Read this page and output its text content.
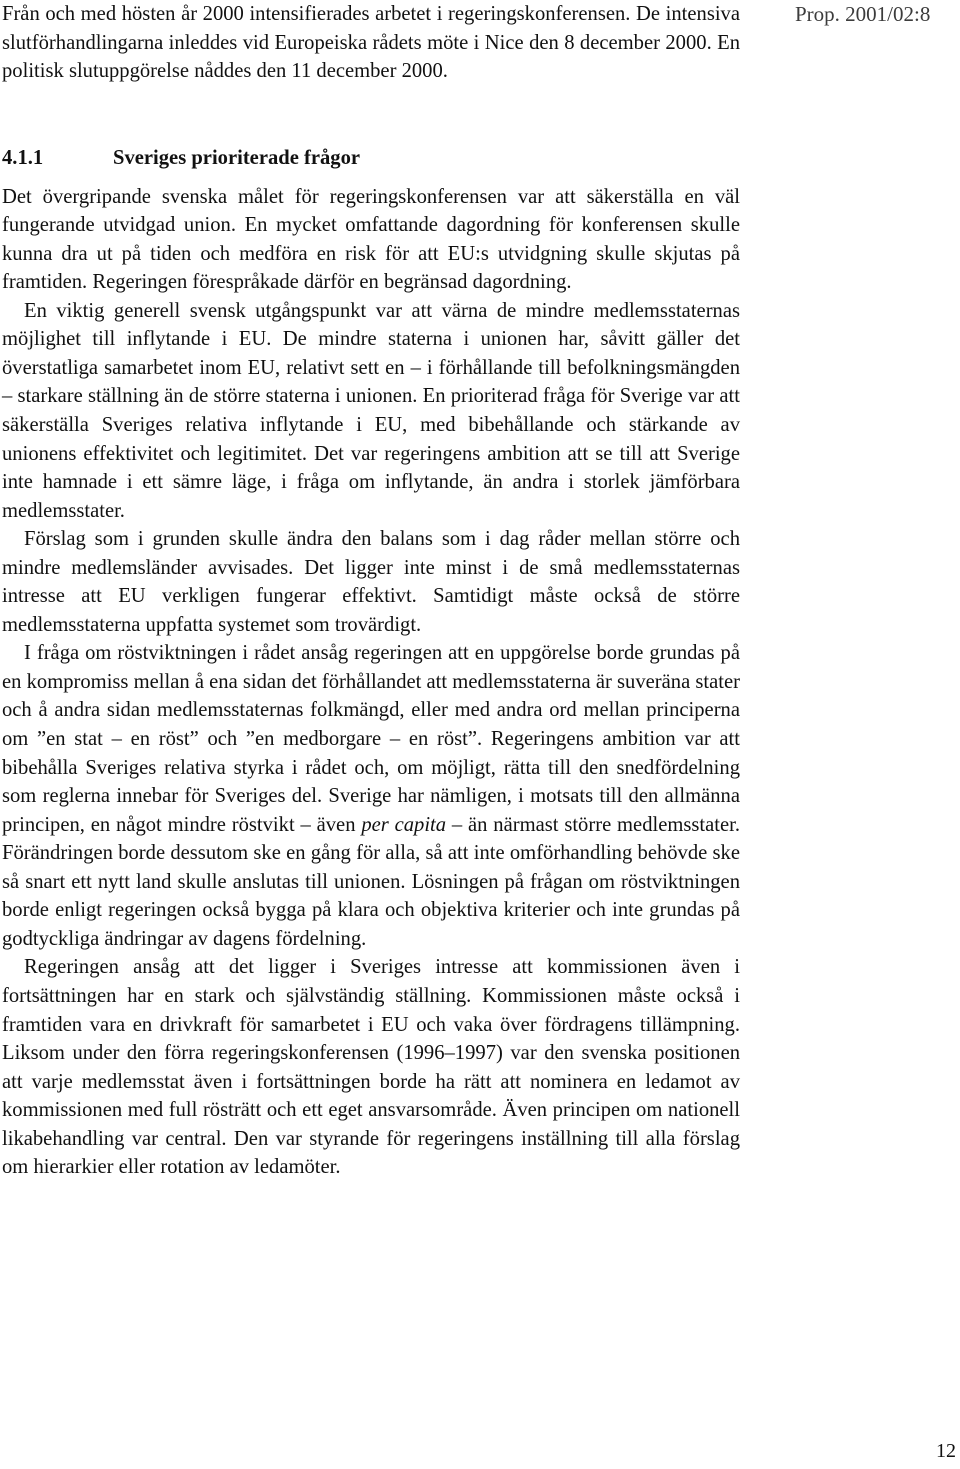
Prop. 2001/02:8

Från och med hösten år 2000 intensifierades arbetet i regeringskonferensen. De intensiva slutförhandlingarna inleddes vid Europeiska rådets möte i Nice den 8 december 2000. En politisk slutuppgörelse nåddes den 11 december 2000.

4.1.1	Sveriges prioriterade frågor

Det övergripande svenska målet för regeringskonferensen var att säkerställa en väl fungerande utvidgad union. En mycket omfattande dagordning för konferensen skulle kunna dra ut på tiden och medföra en risk för att EU:s utvidgning skulle skjutas på framtiden. Regeringen förespråkade därför en begränsad dagordning.

En viktig generell svensk utgångspunkt var att värna de mindre medlemsstaternas möjlighet till inflytande i EU. De mindre staterna i unionen har, såvitt gäller det överstatliga samarbetet inom EU, relativt sett en – i förhållande till befolkningsmängden – starkare ställning än de större staterna i unionen. En prioriterad fråga för Sverige var att säkerställa Sveriges relativa inflytande i EU, med bibehållande och stärkande av unionens effektivitet och legitimitet. Det var regeringens ambition att se till att Sverige inte hamnade i ett sämre läge, i fråga om inflytande, än andra i storlek jämförbara medlemsstater.

Förslag som i grunden skulle ändra den balans som i dag råder mellan större och mindre medlemsländer avvisades. Det ligger inte minst i de små medlemsstaternas intresse att EU verkligen fungerar effektivt. Samtidigt måste också de större medlemsstaterna uppfatta systemet som trovärdigt.

I fråga om röstviktningen i rådet ansåg regeringen att en uppgörelse borde grundas på en kompromiss mellan å ena sidan det förhållandet att medlemsstaterna är suveräna stater och å andra sidan medlemsstaternas folkmängd, eller med andra ord mellan principerna om ”en stat – en röst” och ”en medborgare – en röst”. Regeringens ambition var att bibehålla Sveriges relativa styrka i rådet och, om möjligt, rätta till den snedfördelning som reglerna innebar för Sveriges del. Sverige har nämligen, i motsats till den allmänna principen, en något mindre röstvikt – även per capita – än närmast större medlemsstater. Förändringen borde dessutom ske en gång för alla, så att inte omförhandling behövde ske så snart ett nytt land skulle anslutas till unionen. Lösningen på frågan om röstviktningen borde enligt regeringen också bygga på klara och objektiva kriterier och inte grundas på godtyckliga ändringar av dagens fördelning.

Regeringen ansåg att det ligger i Sveriges intresse att kommissionen även i fortsättningen har en stark och självständig ställning. Kommissionen måste också i framtiden vara en drivkraft för samarbetet i EU och vaka över fördragens tillämpning. Liksom under den förra regeringskonferensen (1996–1997) var den svenska positionen att varje medlemsstat även i fortsättningen borde ha rätt att nominera en ledamot av kommissionen med full rösträtt och ett eget ansvarsområde. Även principen om nationell likabehandling var central. Den var styrande för regeringens inställning till alla förslag om hierarkier eller rotation av ledamöter.

12
